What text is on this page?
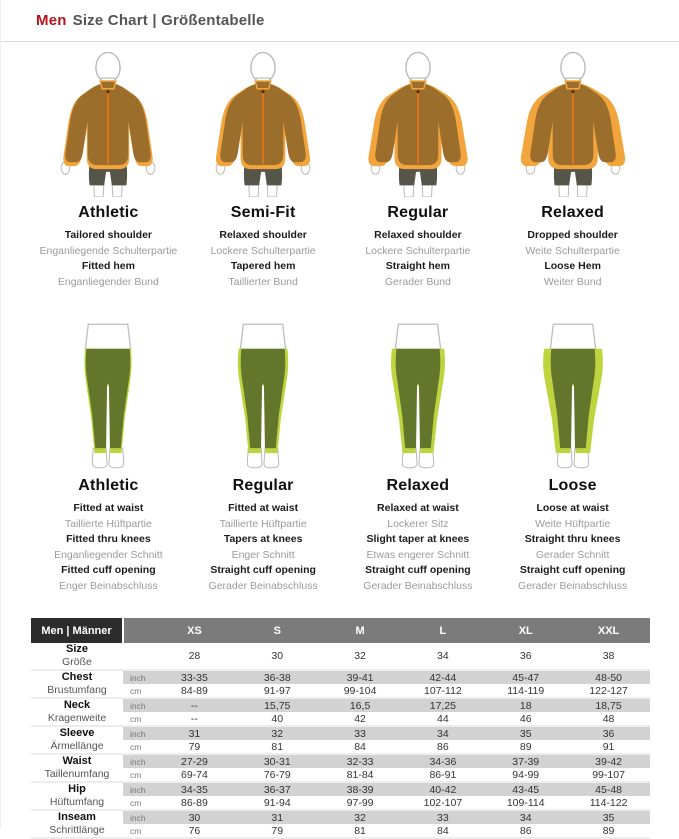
Men Size Chart | Größentabelle
Athletic
Tailored shoulder
Enganliegende Schulterpartie
Fitted hem
Enganliegender Bund
Semi-Fit
Relaxed shoulder
Lockere Schulterpartie
Tapered hem
Taillierter Bund
Regular
Relaxed shoulder
Lockere Schulterpartie
Straight hem
Gerader Bund
Relaxed
Dropped shoulder
Weite Schulterpartie
Loose Hem
Weiter Bund
Athletic
Fitted at waist
Taillierte Hüftpartie
Fitted thru knees
Enganliegender Schnitt
Fitted cuff opening
Enger Beinabschluss
Regular
Fitted at waist
Taillierte Hüftpartie
Tapers at knees
Enger Schnitt
Straight cuff opening
Gerader Beinabschluss
Relaxed
Relaxed at waist
Lockerer Sitz
Slight taper at knees
Etwas engerer Schnitt
Straight cuff opening
Gerader Beinabschluss
Loose
Loose at waist
Weite Hüftpartie
Straight thru knees
Gerader Schnitt
Straight cuff opening
Gerader Beinabschluss
Men | Männer		XS	S	M	L	XL	XXL

Size
Größe		28	30	32	34	36	38

Chest
Brustumfang	inch	33-35	36-38	39-41	42-44	45-47	48-50
	cm	84-89	91-97	99-104	107-112	114-119	122-127

Neck
Kragenweite	inch	--	15,75	16,5	17,25	18	18,75
	cm	--	40	42	44	46	48

Sleeve
Ärmellänge	inch	31	32	33	34	35	36
	cm	79	81	84	86	89	91

Waist
Taillenumfang	inch	27-29	30-31	32-33	34-36	37-39	39-42
	cm	69-74	76-79	81-84	86-91	94-99	99-107

Hip
Hüftumfang	inch	34-35	36-37	38-39	40-42	43-45	45-48
	cm	86-89	91-94	97-99	102-107	109-114	114-122

Inseam
Schrittlänge	inch	30	31	32	33	34	35
	cm	76	79	81	84	86	89
